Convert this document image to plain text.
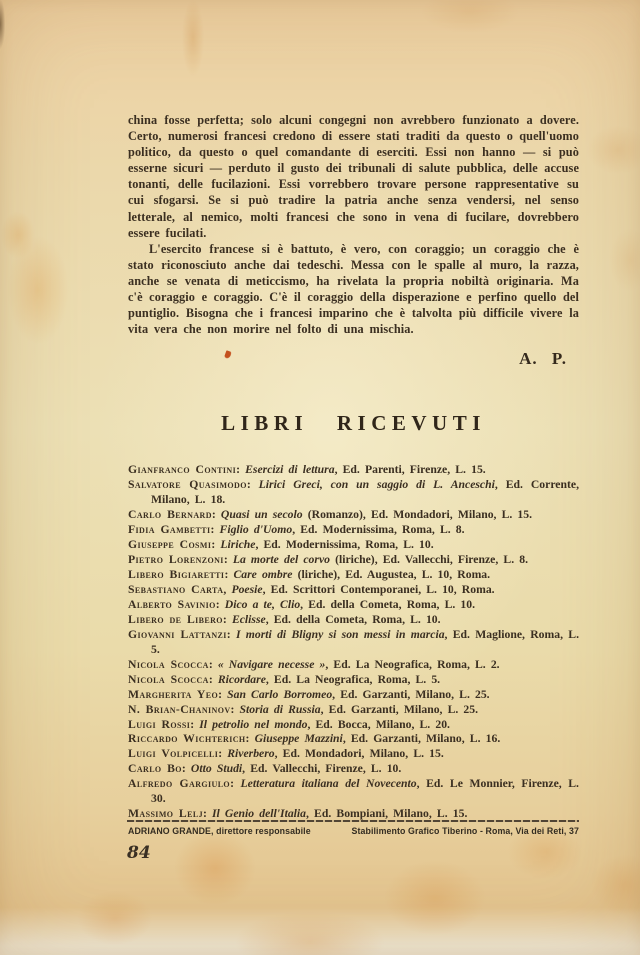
china fosse perfetta; solo alcuni congegni non avrebbero funzionato a dovere. Certo, numerosi francesi credono di essere stati traditi da questo o quell'uomo politico, da questo o quel comandante di eserciti. Essi non hanno — si può esserne sicuri — perduto il gusto dei tribunali di salute pubblica, delle accuse tonanti, delle fucilazioni. Essi vorrebbero trovare persone rappresentative su cui sfogarsi. Se si può tradire la patria anche senza vendersi, nel senso letterale, al nemico, molti francesi che sono in vena di fucilare, dovrebbero essere fucilati.

L'esercito francese si è battuto, è vero, con coraggio; un coraggio che è stato riconosciuto anche dai tedeschi. Messa con le spalle al muro, la razza, anche se venata di meticcismo, ha rivelata la propria nobiltà originaria. Ma c'è coraggio e coraggio. C'è il coraggio della disperazione e perfino quello del puntiglio. Bisogna che i francesi imparino che è talvolta più difficile vivere la vita vera che non morire nel folto di una mischia.

A. P.

LIBRI RICEVUTI
Gianfranco Contini: Esercizi di lettura, Ed. Parenti, Firenze, L. 15.
Salvatore Quasimodo: Lirici Greci, con un saggio di L. Anceschi, Ed. Corrente, Milano, L. 18.
Carlo Bernard: Quasi un secolo (Romanzo), Ed. Mondadori, Milano, L. 15.
Fidia Gambetti: Figlio d'Uomo, Ed. Modernissima, Roma, L. 8.
Giuseppe Cosmi: Liriche, Ed. Modernissima, Roma, L. 10.
Pietro Lorenzoni: La morte del corvo (liriche), Ed. Vallecchi, Firenze, L. 8.
Libero Bigiaretti: Care ombre (liriche), Ed. Augustea, L. 10, Roma.
Sebastiano Carta, Poesie, Ed. Scrittori Contemporanei, L. 10, Roma.
Alberto Savinio: Dico a te, Clio, Ed. della Cometa, Roma, L. 10.
Libero de Libero: Eclisse, Ed. della Cometa, Roma, L. 10.
Giovanni Lattanzi: I morti di Bligny si son messi in marcia, Ed. Maglione, Roma, L. 5.
Nicola Scocca: « Navigare necesse », Ed. La Neografica, Roma, L. 2.
Nicola Scocca: Ricordare, Ed. La Neografica, Roma, L. 5.
Margherita Yeo: San Carlo Borromeo, Ed. Garzanti, Milano, L. 25.
N. Brian-Chaninov: Storia di Russia, Ed. Garzanti, Milano, L. 25.
Luigi Rossi: Il petrolio nel mondo, Ed. Bocca, Milano, L. 20.
Riccardo Wichterich: Giuseppe Mazzini, Ed. Garzanti, Milano, L. 16.
Luigi Volpicelli: Riverbero, Ed. Mondadori, Milano, L. 15.
Carlo Bo: Otto Studi, Ed. Vallecchi, Firenze, L. 10.
Alfredo Gargiulo: Letteratura italiana del Novecento, Ed. Le Monnier, Firenze, L. 30.
Massimo Lelj: Il Genio dell'Italia, Ed. Bompiani, Milano, L. 15.
ADRIANO GRANDE, direttore responsabile	Stabilimento Grafico Tiberino - Roma, Via dei Reti, 37
84
